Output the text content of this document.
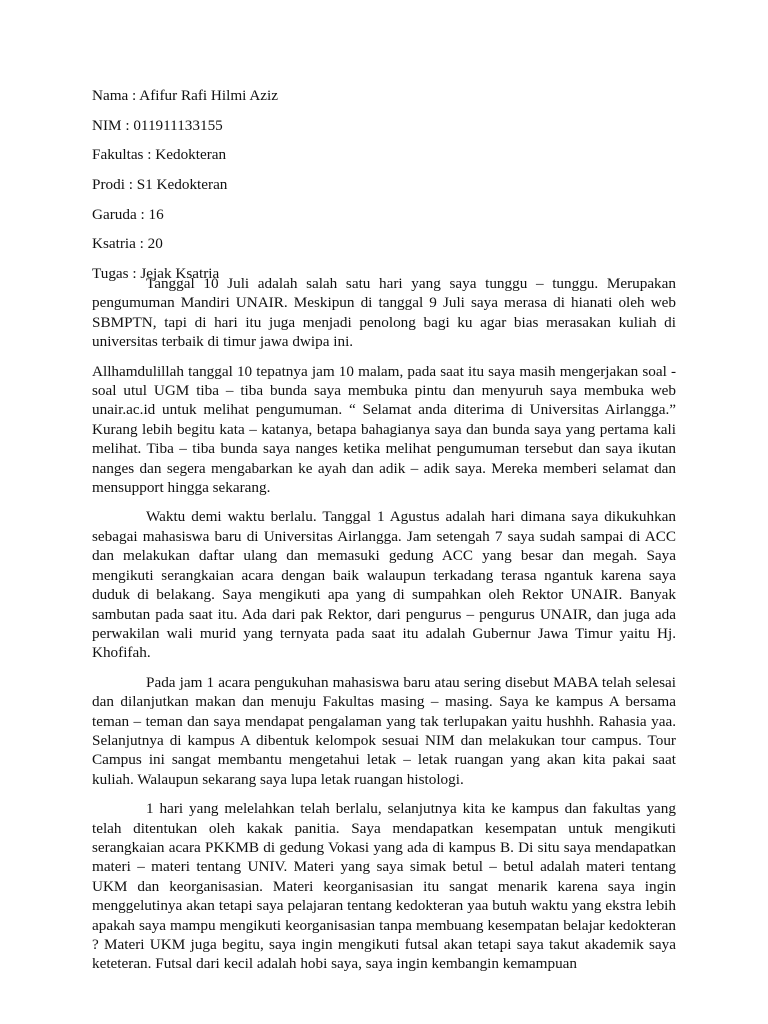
Nama : Afifur Rafi Hilmi Aziz
NIM : 011911133155
Fakultas : Kedokteran
Prodi : S1 Kedokteran
Garuda : 16
Ksatria : 20
Tugas : Jejak Ksatria

Tanggal 10 Juli adalah salah satu hari yang saya tunggu – tunggu. Merupakan pengumuman Mandiri UNAIR. Meskipun di tanggal 9 Juli saya merasa di hianati oleh web SBMPTN, tapi di hari itu juga menjadi penolong bagi ku agar bias merasakan kuliah di universitas terbaik di timur jawa dwipa ini.

Allhamdulillah tanggal 10 tepatnya jam 10 malam, pada saat itu saya masih mengerjakan soal - soal utul UGM tiba – tiba bunda saya membuka pintu dan menyuruh saya membuka web unair.ac.id untuk melihat pengumuman. “ Selamat anda diterima di Universitas Airlangga.” Kurang lebih begitu kata – katanya, betapa bahagianya saya dan bunda saya yang pertama kali melihat. Tiba – tiba bunda saya nanges ketika melihat pengumuman tersebut dan saya ikutan nanges dan segera mengabarkan ke ayah dan adik – adik saya. Mereka memberi selamat dan mensupport hingga sekarang.

Waktu demi waktu berlalu. Tanggal 1 Agustus adalah hari dimana saya dikukuhkan sebagai mahasiswa baru di Universitas Airlangga. Jam setengah 7 saya sudah sampai di ACC dan melakukan daftar ulang dan memasuki gedung ACC yang besar dan megah. Saya mengikuti serangkaian acara dengan baik walaupun terkadang terasa ngantuk karena saya duduk di belakang. Saya mengikuti apa yang di sumpahkan oleh Rektor UNAIR. Banyak sambutan pada saat itu. Ada dari pak Rektor, dari pengurus – pengurus UNAIR, dan juga ada perwakilan wali murid yang ternyata pada saat itu adalah Gubernur Jawa Timur yaitu Hj. Khofifah.

Pada jam 1 acara pengukuhan mahasiswa baru atau sering disebut MABA telah selesai dan dilanjutkan makan dan menuju Fakultas masing – masing. Saya ke kampus A bersama teman – teman dan saya mendapat pengalaman yang tak terlupakan yaitu hushhh. Rahasia yaa. Selanjutnya di kampus A dibentuk kelompok sesuai NIM dan melakukan tour campus. Tour Campus ini sangat membantu mengetahui letak – letak ruangan yang akan kita pakai saat kuliah. Walaupun sekarang saya lupa letak ruangan histologi.

1 hari yang melelahkan telah berlalu, selanjutnya kita ke kampus dan fakultas yang telah ditentukan oleh kakak panitia. Saya mendapatkan kesempatan untuk mengikuti serangkaian acara PKKMB di gedung Vokasi yang ada di kampus B. Di situ saya mendapatkan materi – materi tentang UNIV. Materi yang saya simak betul – betul adalah materi tentang UKM dan keorganisasian. Materi keorganisasian itu sangat menarik karena saya ingin menggelutinya akan tetapi saya pelajaran tentang kedokteran yaa butuh waktu yang ekstra lebih apakah saya mampu mengikuti keorganisasian tanpa membuang kesempatan belajar kedokteran ? Materi UKM juga begitu, saya ingin mengikuti futsal akan tetapi saya takut akademik saya keteteran. Futsal dari kecil adalah hobi saya, saya ingin kembangin kemampuan
